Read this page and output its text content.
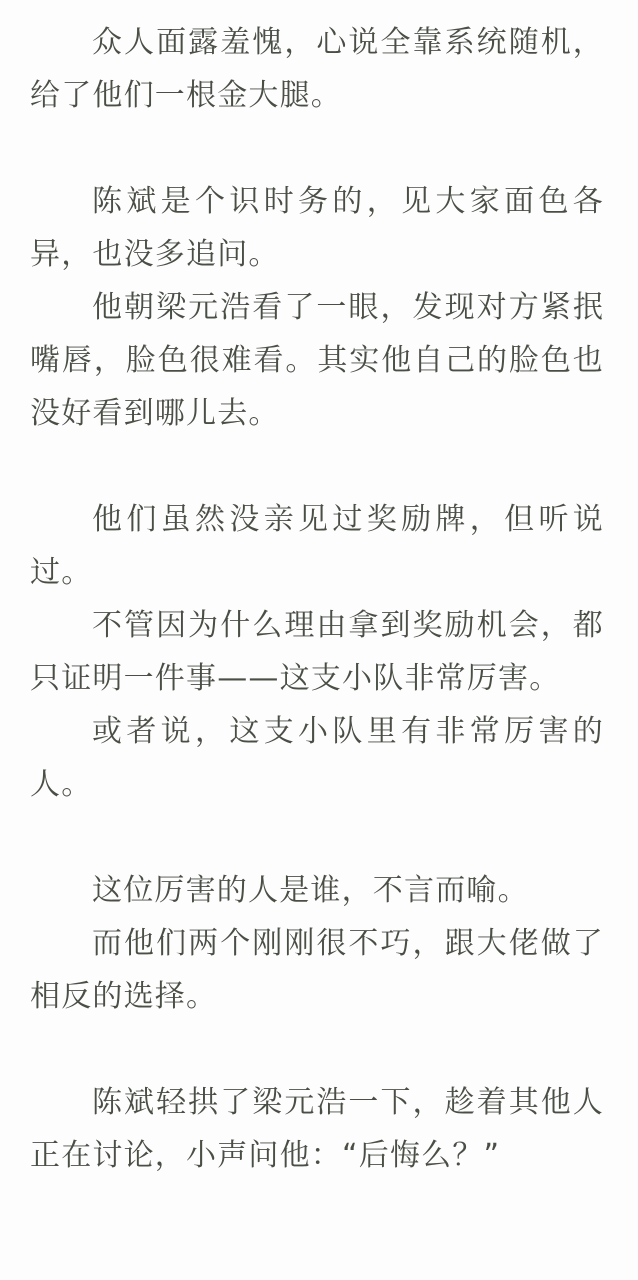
众人面露羞愧，心说全靠系统随机，给了他们一根金大腿。

陈斌是个识时务的，见大家面色各异，也没多追问。

他朝梁元浩看了一眼，发现对方紧抿嘴唇，脸色很难看。其实他自己的脸色也没好看到哪儿去。

他们虽然没亲见过奖励牌，但听说过。

不管因为什么理由拿到奖励机会，都只证明一件事——这支小队非常厉害。

或者说，这支小队里有非常厉害的人。

这位厉害的人是谁，不言而喻。

而他们两个刚刚很不巧，跟大佬做了相反的选择。

陈斌轻拱了梁元浩一下，趁着其他人正在讨论，小声问他：“后悔么？”
